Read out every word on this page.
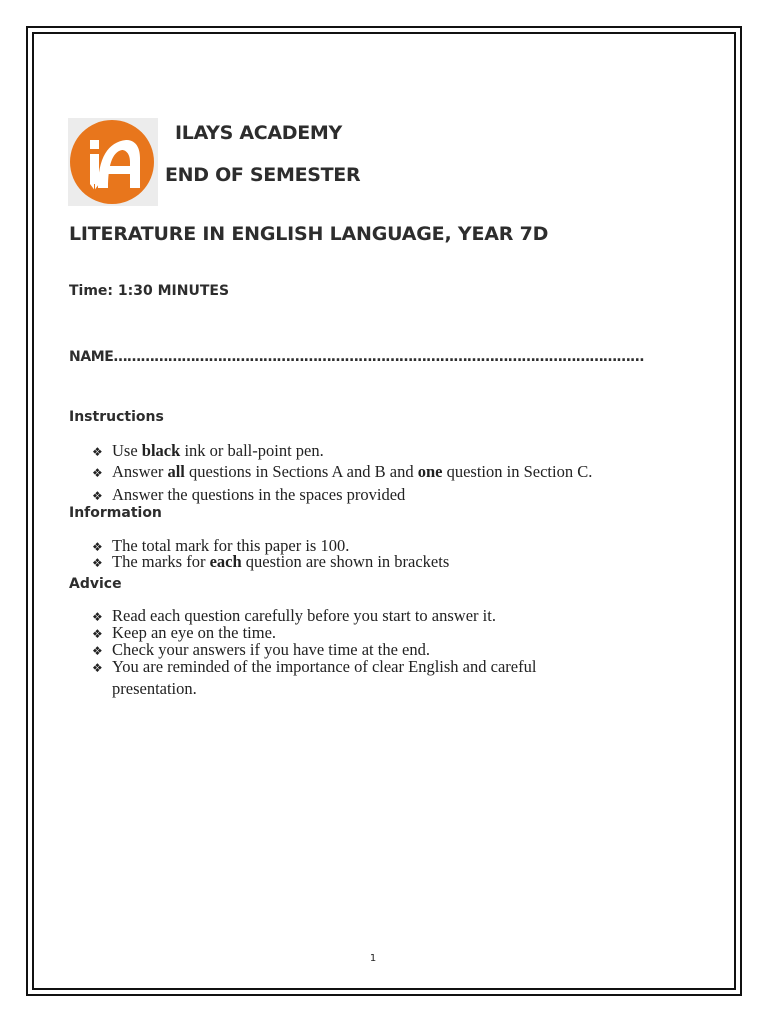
ILAYS ACADEMY
END OF SEMESTER
LITERATURE IN ENGLISH LANGUAGE, YEAR 7D
Time: 1:30 MINUTES
NAME………………………………………………………………………………………………………
Instructions
❖ Use black ink or ball-point pen.
❖ Answer all questions in Sections A and B and one question in Section C.
❖ Answer the questions in the spaces provided
Information
❖ The total mark for this paper is 100.
❖ The marks for each question are shown in brackets
Advice
❖ Read each question carefully before you start to answer it.
❖ Keep an eye on the time.
❖ Check your answers if you have time at the end.
❖ You are reminded of the importance of clear English and careful
presentation.
1
